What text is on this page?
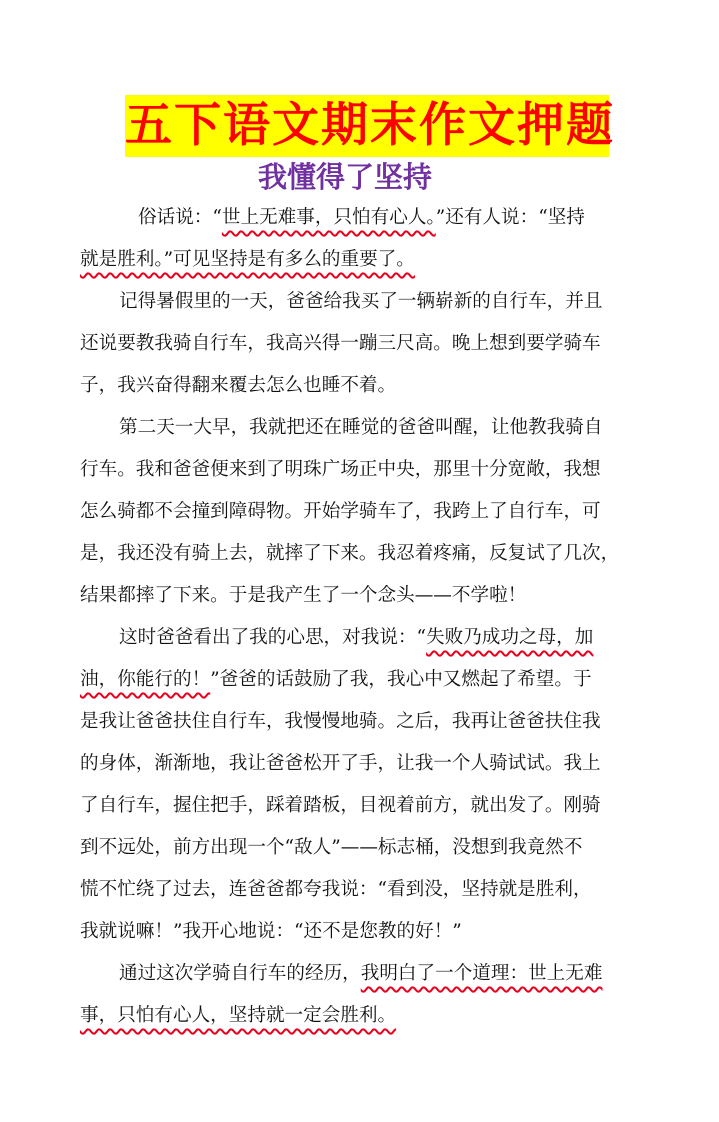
五下语文期末作文押题
我懂得了坚持
俗话说：“世上无难事，只怕有心人。”还有人说：“坚持
就是胜利。”可见坚持是有多么的重要了。
记得暑假里的一天，爸爸给我买了一辆崭新的自行车，并且
还说要教我骑自行车，我高兴得一蹦三尺高。晚上想到要学骑车
子，我兴奋得翻来覆去怎么也睡不着。
第二天一大早，我就把还在睡觉的爸爸叫醒，让他教我骑自
行车。我和爸爸便来到了明珠广场正中央，那里十分宽敞，我想
怎么骑都不会撞到障碍物。开始学骑车了，我跨上了自行车，可
是，我还没有骑上去，就摔了下来。我忍着疼痛，反复试了几次，
结果都摔了下来。于是我产生了一个念头——不学啦！
这时爸爸看出了我的心思，对我说：“失败乃成功之母，加
油，你能行的！”爸爸的话鼓励了我，我心中又燃起了希望。于
是我让爸爸扶住自行车，我慢慢地骑。之后，我再让爸爸扶住我
的身体，渐渐地，我让爸爸松开了手，让我一个人骑试试。我上
了自行车，握住把手，踩着踏板，目视着前方，就出发了。刚骑
到不远处，前方出现一个“敌人”——标志桶，没想到我竟然不
慌不忙绕了过去，连爸爸都夸我说：“看到没，坚持就是胜利，
我就说嘛！”我开心地说：“还不是您教的好！”
通过这次学骑自行车的经历，我明白了一个道理：世上无难
事，只怕有心人，坚持就一定会胜利。
